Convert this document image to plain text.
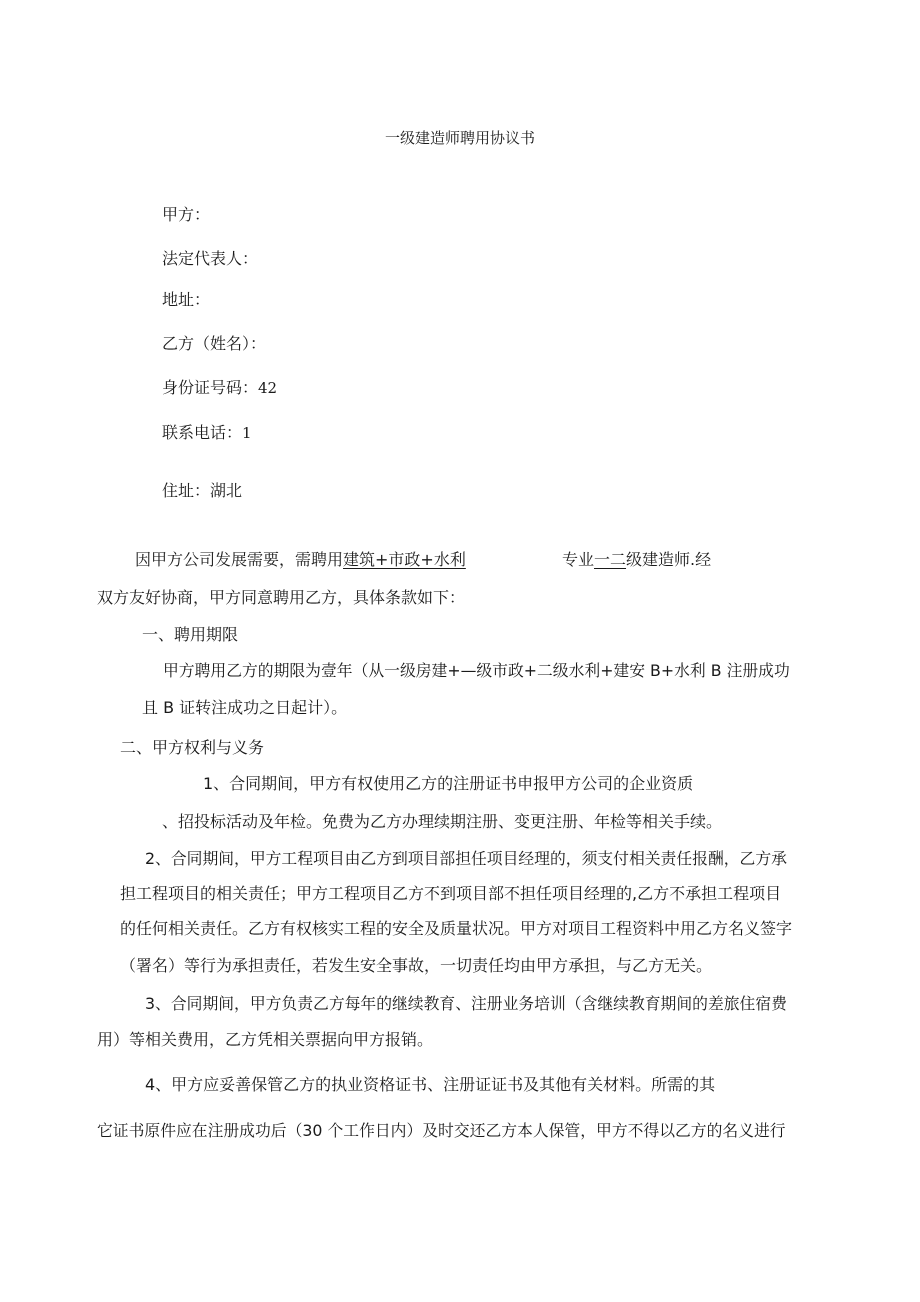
一级建造师聘用协议书
甲方：
法定代表人：
地址：
乙方（姓名）：
身份证号码：42
联系电话：1
住址：湖北
因甲方公司发展需要，需聘用建筑+市政+水利	专业一二级建造师.经
双方友好协商，甲方同意聘用乙方，具体条款如下：
一、聘用期限
甲方聘用乙方的期限为壹年（从一级房建+—级市政+二级水利+建安 B+水利 B 注册成功
且 B 证转注成功之日起计）。
二、甲方权利与义务
1、合同期间，甲方有权使用乙方的注册证书申报甲方公司的企业资质
、招投标活动及年检。免费为乙方办理续期注册、变更注册、年检等相关手续。
2、合同期间，甲方工程项目由乙方到项目部担任项目经理的，须支付相关责任报酬，乙方承
担工程项目的相关责任；甲方工程项目乙方不到项目部不担任项目经理的,乙方不承担工程项目
的任何相关责任。乙方有权核实工程的安全及质量状况。甲方对项目工程资料中用乙方名义签字
（署名）等行为承担责任，若发生安全事故，一切责任均由甲方承担，与乙方无关。
3、合同期间，甲方负责乙方每年的继续教育、注册业务培训（含继续教育期间的差旅住宿费
用）等相关费用，乙方凭相关票据向甲方报销。
4、甲方应妥善保管乙方的执业资格证书、注册证证书及其他有关材料。所需的其
它证书原件应在注册成功后（30 个工作日内）及时交还乙方本人保管，甲方不得以乙方的名义进行
